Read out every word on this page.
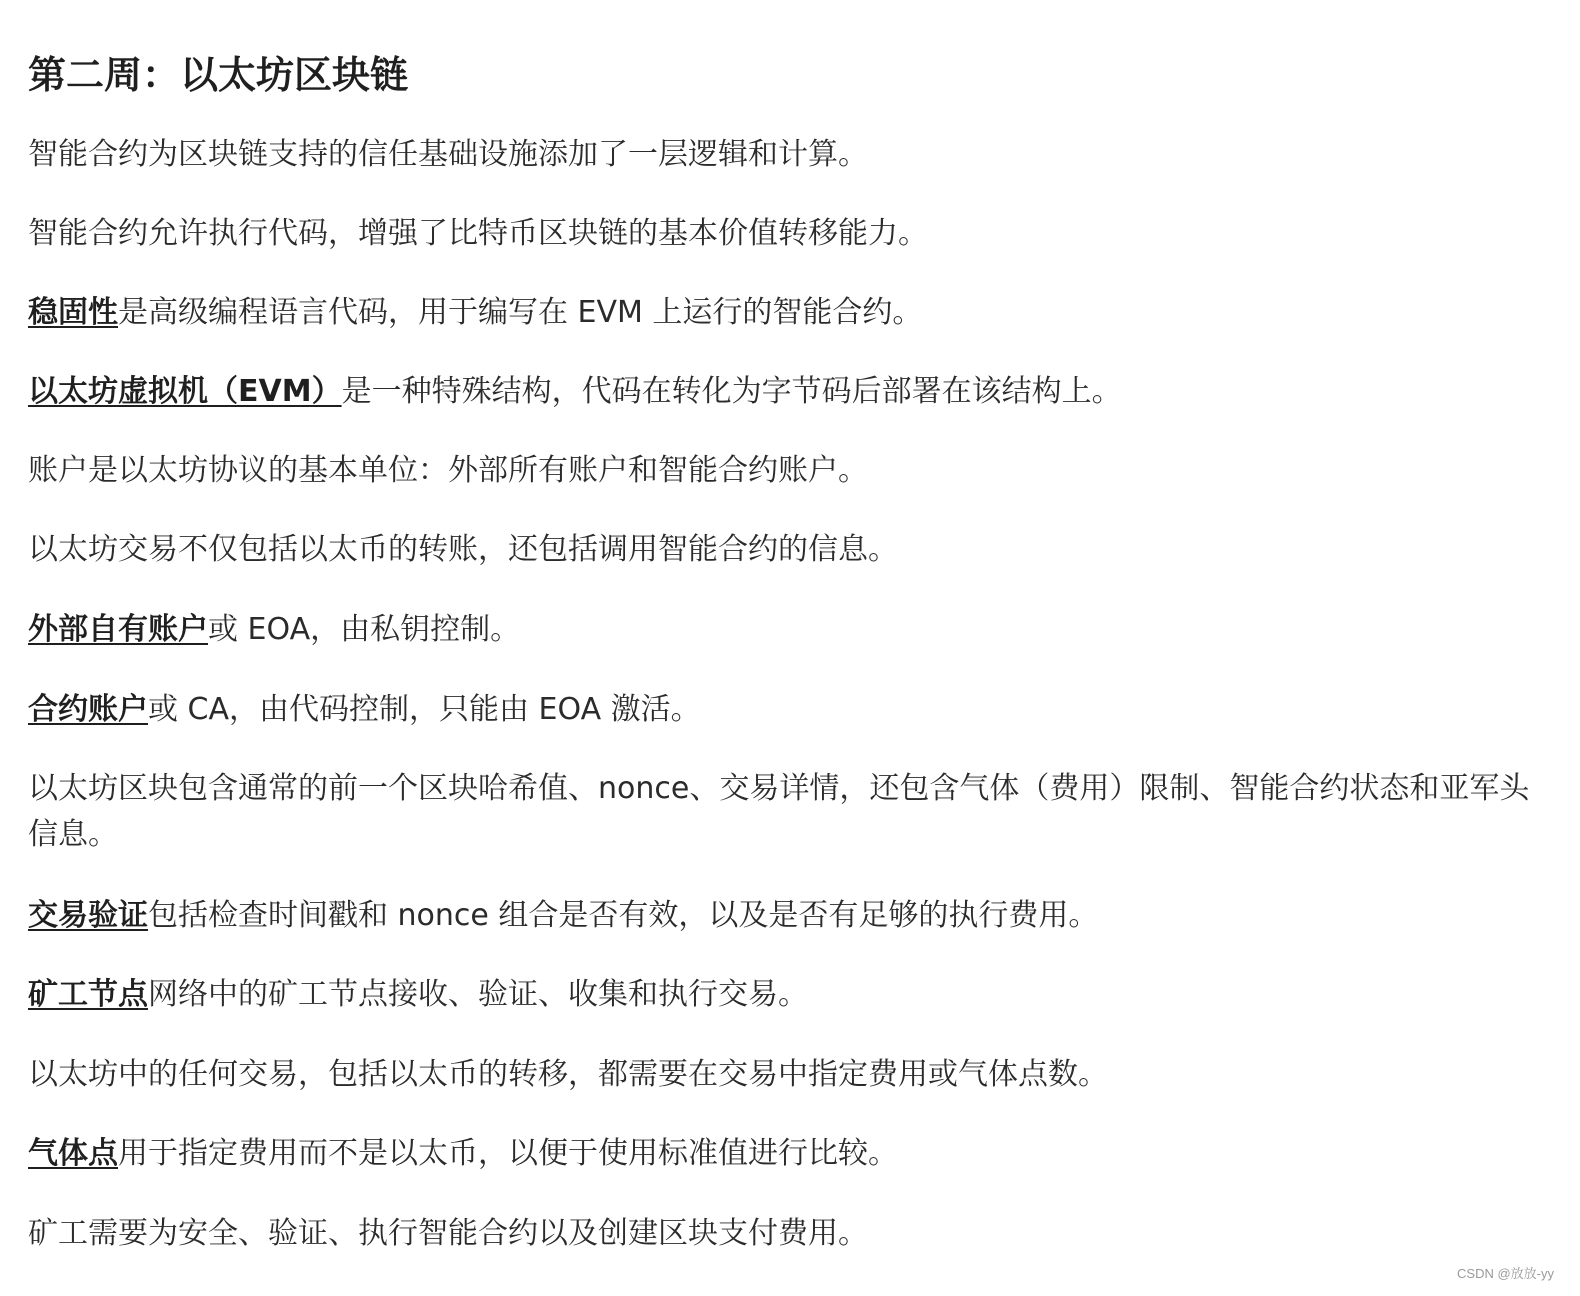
第二周：以太坊区块链

智能合约为区块链支持的信任基础设施添加了一层逻辑和计算。

智能合约允许执行代码，增强了比特币区块链的基本价值转移能力。

稳固性是高级编程语言代码，用于编写在 EVM 上运行的智能合约。

以太坊虚拟机（EVM）是一种特殊结构，代码在转化为字节码后部署在该结构上。

账户是以太坊协议的基本单位：外部所有账户和智能合约账户。

以太坊交易不仅包括以太币的转账，还包括调用智能合约的信息。

外部自有账户或 EOA，由私钥控制。

合约账户或 CA，由代码控制，只能由 EOA 激活。

以太坊区块包含通常的前一个区块哈希值、nonce、交易详情，还包含气体（费用）限制、智能合约状态和亚军头信息。

交易验证包括检查时间戳和 nonce 组合是否有效，以及是否有足够的执行费用。

矿工节点网络中的矿工节点接收、验证、收集和执行交易。

以太坊中的任何交易，包括以太币的转移，都需要在交易中指定费用或气体点数。

气体点用于指定费用而不是以太币，以便于使用标准值进行比较。

矿工需要为安全、验证、执行智能合约以及创建区块支付费用。

CSDN @放放-yy
